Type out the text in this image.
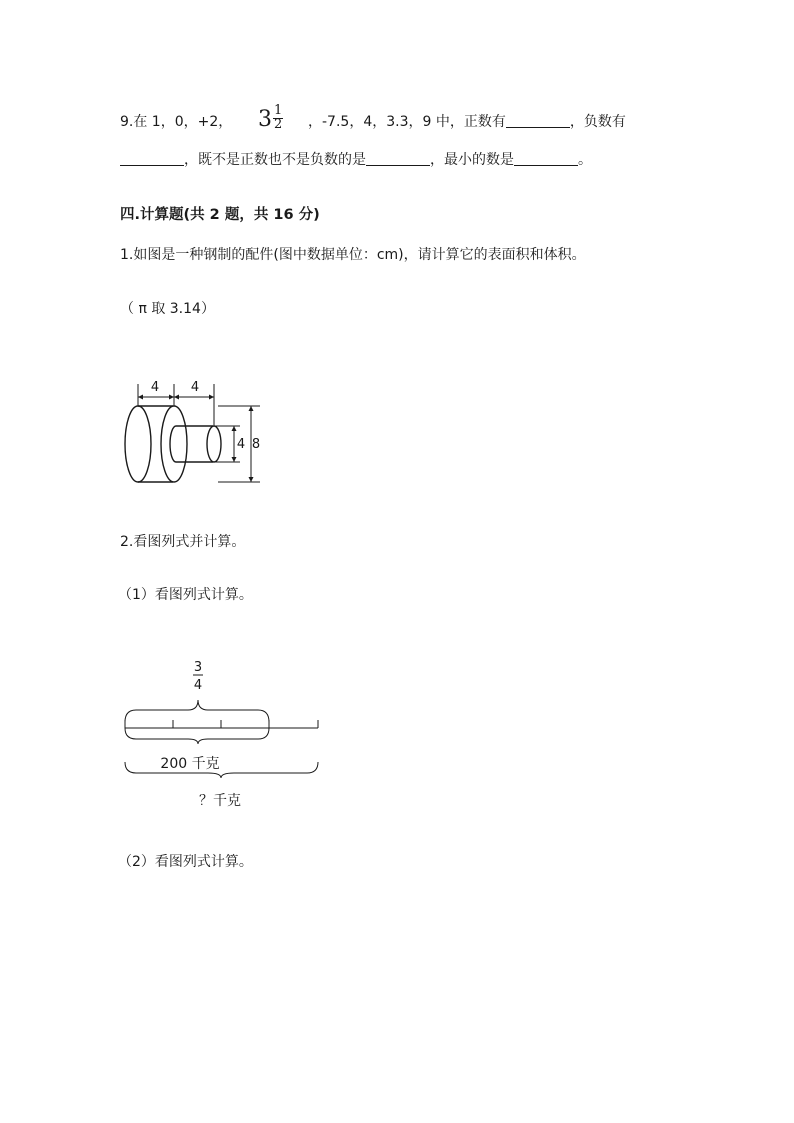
9.在 1，0，+2， 3 1
2 ，-7.5，4，3.3，9 中，正数有	，负数有
，既不是正数也不是负数的是	，最小的数是	。
四.计算题(共 2 题，共 16 分)
1.如图是一种钢制的配件(图中数据单位：cm)，请计算它的表面积和体积。
（ π 取 3.14）
4 4
4 8
2.看图列式并计算。
（1）看图列式计算。
3
4
200 千克
？千克
（2）看图列式计算。
